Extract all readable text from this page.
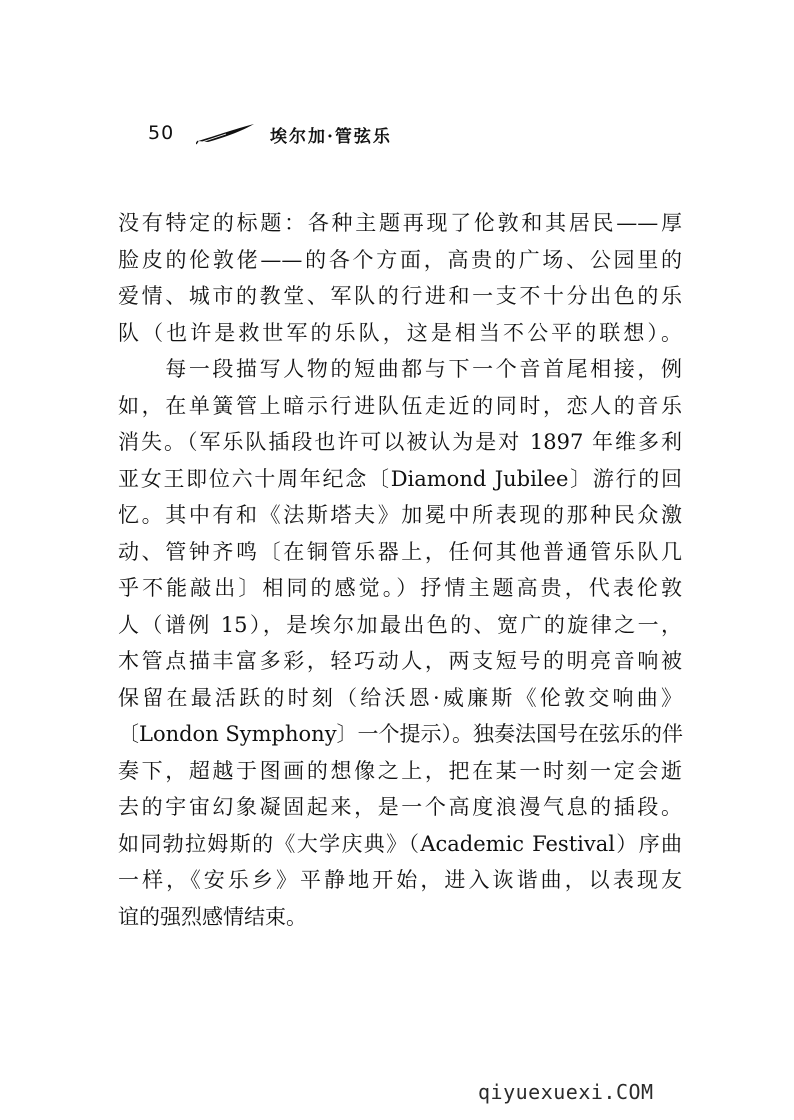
50	埃尔加·管弦乐
没有特定的标题：各种主题再现了伦敦和其居民——厚
脸皮的伦敦佬——的各个方面，高贵的广场、公园里的
爱情、城市的教堂、军队的行进和一支不十分出色的乐
队（也许是救世军的乐队，这是相当不公平的联想）。
　　每一段描写人物的短曲都与下一个音首尾相接，例
如，在单簧管上暗示行进队伍走近的同时，恋人的音乐
消失。（军乐队插段也许可以被认为是对 1897 年维多利
亚女王即位六十周年纪念〔Diamond Jubilee〕游行的回
忆。其中有和《法斯塔夫》加冕中所表现的那种民众激
动、管钟齐鸣〔在铜管乐器上，任何其他普通管乐队几
乎不能敲出〕相同的感觉。）抒情主题高贵，代表伦敦
人（谱例 15），是埃尔加最出色的、宽广的旋律之一，
木管点描丰富多彩，轻巧动人，两支短号的明亮音响被
保留在最活跃的时刻（给沃恩·威廉斯《伦敦交响曲》
〔London Symphony〕一个提示）。独奏法国号在弦乐的伴
奏下，超越于图画的想像之上，把在某一时刻一定会逝
去的宇宙幻象凝固起来，是一个高度浪漫气息的插段。
如同勃拉姆斯的《大学庆典》（Academic Festival）序曲
一样，《安乐乡》平静地开始，进入诙谐曲，以表现友
谊的强烈感情结束。
qiyuexuexi.COM
